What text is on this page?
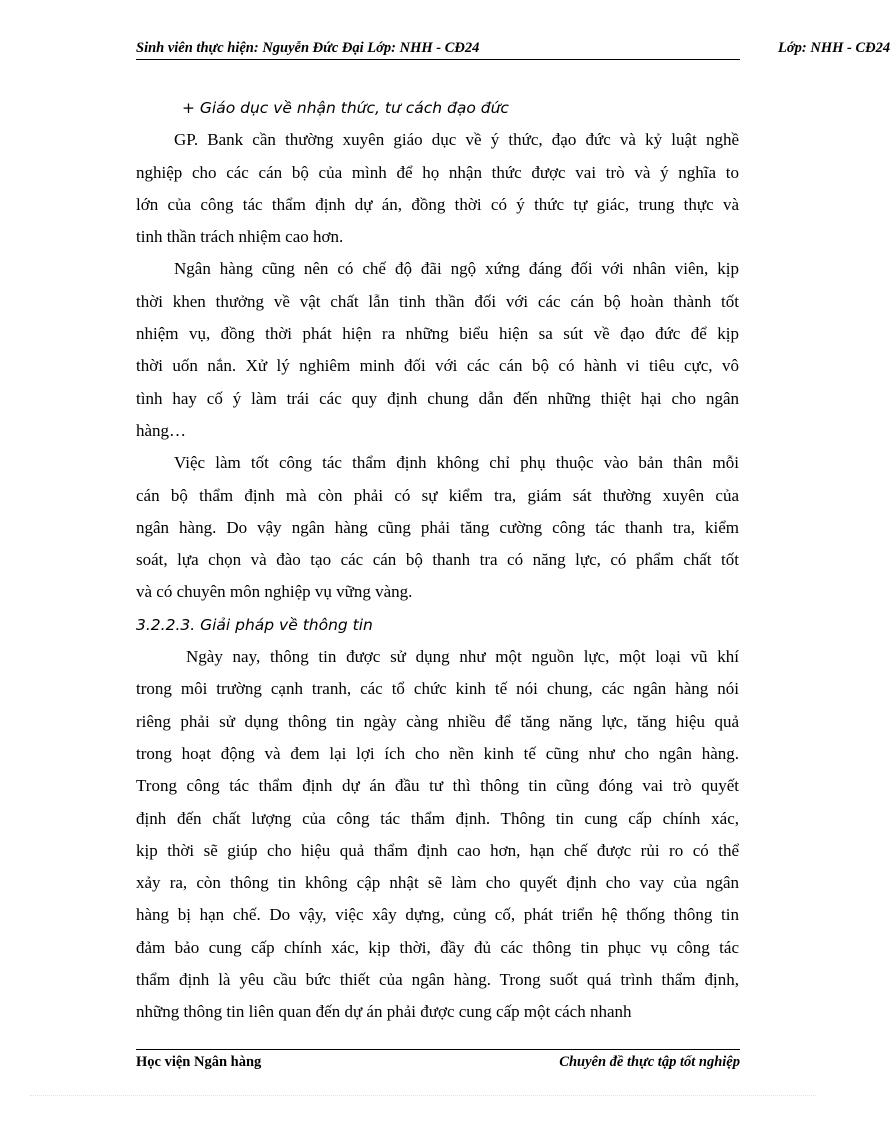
Sinh viên thực hiện: Nguyễn Đức Đại Lớp: NHH - CĐ24	Lớp: NHH - CĐ24
+ Giáo dục về nhận thức, tư cách đạo đức
GP. Bank cần thường xuyên giáo dục về ý thức, đạo đức và kỷ luật nghề
nghiệp cho các cán bộ của mình để họ nhận thức được vai trò và ý nghĩa to
lớn của công tác thẩm định dự án, đồng thời có ý thức tự giác, trung thực và
tinh thần trách nhiệm cao hơn.
Ngân hàng cũng nên có chế độ đãi ngộ xứng đáng đối với nhân viên, kịp
thời khen thưởng về vật chất lẫn tinh thần đối với các cán bộ hoàn thành tốt
nhiệm vụ, đồng thời phát hiện ra những biểu hiện sa sút về đạo đức để kịp
thời uốn nắn. Xử lý nghiêm minh đối với các cán bộ có hành vi tiêu cực, vô
tình hay cố ý làm trái các quy định chung dẫn đến những thiệt hại cho ngân
hàng…
Việc làm tốt công tác thẩm định không chỉ phụ thuộc vào bản thân mỗi
cán bộ thẩm định mà còn phải có sự kiểm tra, giám sát thường xuyên của
ngân hàng. Do vậy ngân hàng cũng phải tăng cường công tác thanh tra, kiểm
soát, lựa chọn và đào tạo các cán bộ thanh tra có năng lực, có phẩm chất tốt
và có chuyên môn nghiệp vụ vững vàng.
3.2.2.3. Giải pháp về thông tin
Ngày nay, thông tin được sử dụng như một nguồn lực, một loại vũ khí
trong môi trường cạnh tranh, các tổ chức kinh tế nói chung, các ngân hàng nói
riêng phải sử dụng thông tin ngày càng nhiều để tăng năng lực, tăng hiệu quả
trong hoạt động và đem lại lợi ích cho nền kinh tế cũng như cho ngân hàng.
Trong công tác thẩm định dự án đầu tư thì thông tin cũng đóng vai trò quyết
định đến chất lượng của công tác thẩm định. Thông tin cung cấp chính xác,
kịp thời sẽ giúp cho hiệu quả thẩm định cao hơn, hạn chế được rủi ro có thể
xảy ra, còn thông tin không cập nhật sẽ làm cho quyết định cho vay của ngân
hàng bị hạn chế. Do vậy, việc xây dựng, củng cố, phát triển hệ thống thông tin
đảm bảo cung cấp chính xác, kịp thời, đầy đủ các thông tin phục vụ công tác
thẩm định là yêu cầu bức thiết của ngân hàng. Trong suốt quá trình thẩm định,
những thông tin liên quan đến dự án phải được cung cấp một cách nhanh
Học viện Ngân hàng	Chuyên đề thực tập tốt nghiệp
